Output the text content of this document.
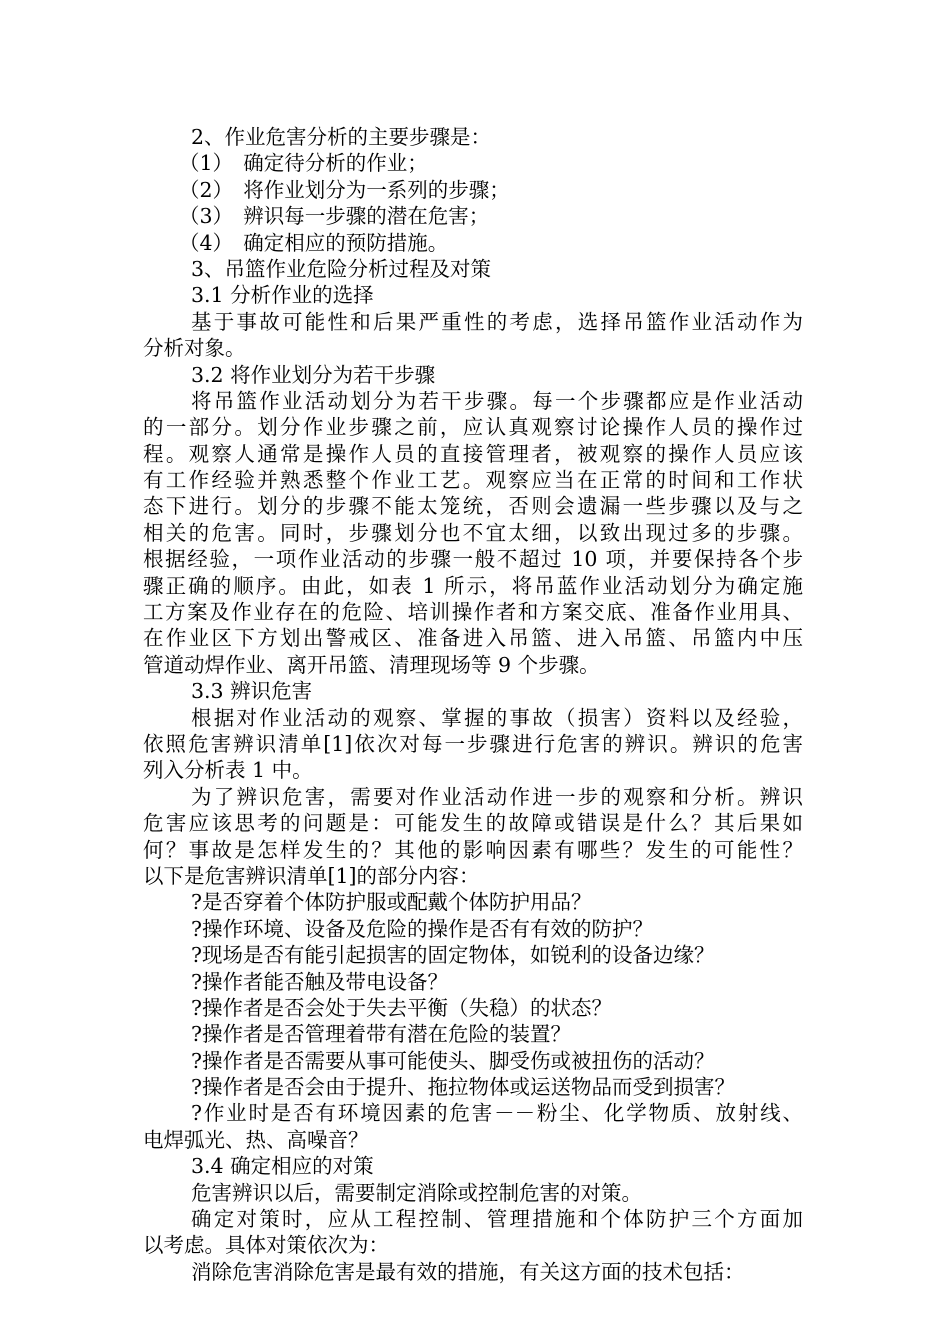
2、作业危害分析的主要步骤是：
（1）　确定待分析的作业；
（2）　将作业划分为一系列的步骤；
（3）　辨识每一步骤的潜在危害；
（4）　确定相应的预防措施。
3、吊篮作业危险分析过程及对策
3.1 分析作业的选择
基于事故可能性和后果严重性的考虑，选择吊篮作业活动作为
分析对象。
3.2 将作业划分为若干步骤
将吊篮作业活动划分为若干步骤。每一个步骤都应是作业活动
的一部分。划分作业步骤之前，应认真观察讨论操作人员的操作过
程。观察人通常是操作人员的直接管理者，被观察的操作人员应该
有工作经验并熟悉整个作业工艺。观察应当在正常的时间和工作状
态下进行。划分的步骤不能太笼统，否则会遗漏一些步骤以及与之
相关的危害。同时，步骤划分也不宜太细，以致出现过多的步骤。
根据经验，一项作业活动的步骤一般不超过 10 项，并要保持各个步
骤正确的顺序。由此，如表 1 所示，将吊蓝作业活动划分为确定施
工方案及作业存在的危险、培训操作者和方案交底、准备作业用具、
在作业区下方划出警戒区、准备进入吊篮、进入吊篮、吊篮内中压
管道动焊作业、离开吊篮、清理现场等 9 个步骤。
3.3 辨识危害
根据对作业活动的观察、掌握的事故（损害）资料以及经验，
依照危害辨识清单[1]依次对每一步骤进行危害的辨识。辨识的危害
列入分析表 1 中。
为了辨识危害，需要对作业活动作进一步的观察和分析。辨识
危害应该思考的问题是：可能发生的故障或错误是什么？其后果如
何？事故是怎样发生的？其他的影响因素有哪些？发生的可能性？
以下是危害辨识清单[1]的部分内容：
?是否穿着个体防护服或配戴个体防护用品？
?操作环境、设备及危险的操作是否有有效的防护？
?现场是否有能引起损害的固定物体，如锐利的设备边缘？
?操作者能否触及带电设备？
?操作者是否会处于失去平衡（失稳）的状态？
?操作者是否管理着带有潜在危险的装置？
?操作者是否需要从事可能使头、脚受伤或被扭伤的活动？
?操作者是否会由于提升、拖拉物体或运送物品而受到损害？
?作业时是否有环境因素的危害－－粉尘、化学物质、放射线、
电焊弧光、热、高噪音？
3.4 确定相应的对策
危害辨识以后，需要制定消除或控制危害的对策。
确定对策时，应从工程控制、管理措施和个体防护三个方面加
以考虑。具体对策依次为：
消除危害消除危害是最有效的措施，有关这方面的技术包括：
